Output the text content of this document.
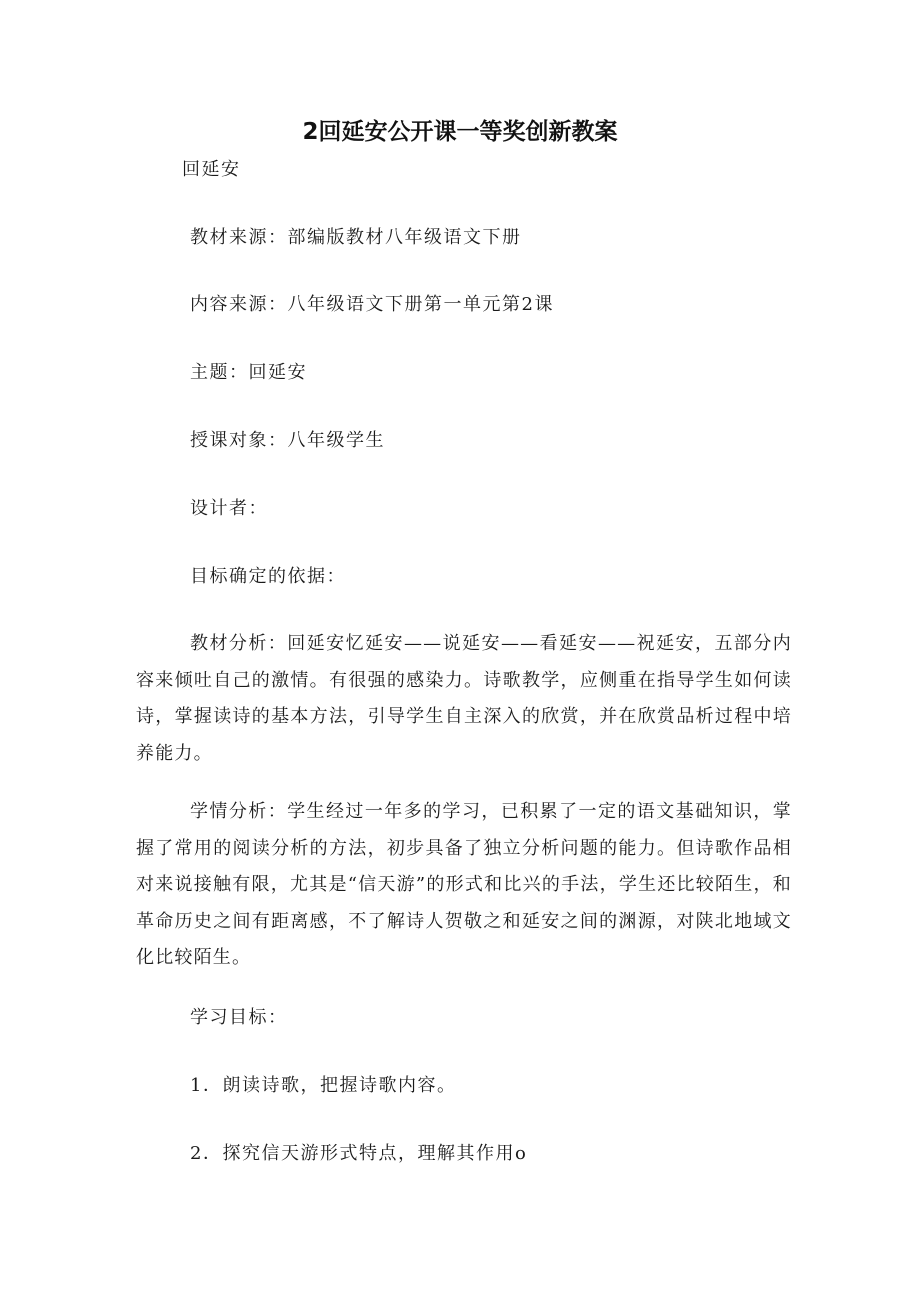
2回延安公开课一等奖创新教案
回延安
教材来源：部编版教材八年级语文下册
内容来源：八年级语文下册第一单元第2课
主题：回延安
授课对象：八年级学生
设计者：
目标确定的依据：
教材分析：回延安忆延安——说延安——看延安——祝延安，五部分内容来倾吐自己的激情。有很强的感染力。诗歌教学，应侧重在指导学生如何读诗，掌握读诗的基本方法，引导学生自主深入的欣赏，并在欣赏品析过程中培养能力。
学情分析：学生经过一年多的学习，已积累了一定的语文基础知识，掌握了常用的阅读分析的方法，初步具备了独立分析问题的能力。但诗歌作品相对来说接触有限，尤其是“信天游”的形式和比兴的手法，学生还比较陌生，和革命历史之间有距离感，不了解诗人贺敬之和延安之间的渊源，对陕北地域文化比较陌生。
学习目标：
1．朗读诗歌，把握诗歌内容。
2．探究信天游形式特点，理解其作用o
